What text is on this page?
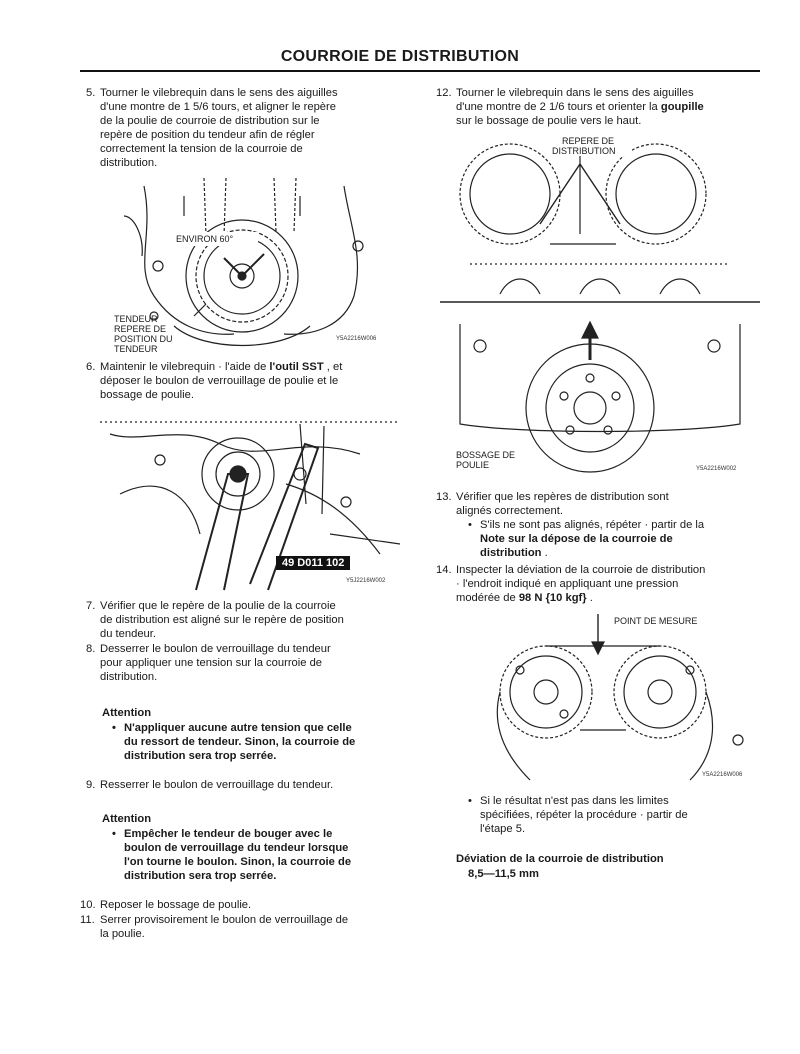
COURROIE DE DISTRIBUTION
5. Tourner le vilebrequin dans le sens des aiguilles
d'une montre de 1 5/6 tours, et aligner le repère
de la poulie de courroie de distribution sur le
repère de position du tendeur afin de régler
correctement la tension de la courroie de
distribution.
ENVIRON 60°
TENDEUR
REPERE DE
POSITION DU
TENDEUR
Y5A2216W006
6. Maintenir le vilebrequin · l'aide de l'outil SST , et
déposer le boulon de verrouillage de poulie et le
bossage de poulie.
49 D011 102
Y5J2216W002
7. Vérifier que le repère de la poulie de la courroie
de distribution est aligné sur le repère de position
du tendeur.
8. Desserrer le boulon de verrouillage du tendeur
pour appliquer une tension sur la courroie de
distribution.
Attention
• N'appliquer aucune autre tension que celle
du ressort de tendeur. Sinon, la courroie de
distribution sera trop serrée.
9. Resserrer le boulon de verrouillage du tendeur.
Attention
• Empêcher le tendeur de bouger avec le
boulon de verrouillage du tendeur lorsque
l'on tourne le boulon. Sinon, la courroie de
distribution sera trop serrée.
10. Reposer le bossage de poulie.
11. Serrer provisoirement le boulon de verrouillage de
la poulie.
12. Tourner le vilebrequin dans le sens des aiguilles
d'une montre de 2 1/6 tours et orienter la goupille
sur le bossage de poulie vers le haut.
REPERE DE
DISTRIBUTION
BOSSAGE DE
POULIE	Y5A2216W002
13. Vérifier que les repères de distribution sont
alignés correctement.
• S'ils ne sont pas alignés, répéter · partir de la
Note sur la dépose de la courroie de
distribution .
14. Inspecter la déviation de la courroie de distribution
· l'endroit indiqué en appliquant une pression
modérée de 98 N {10 kgf} .
POINT DE MESURE
Y5A2216W006
• Si le résultat n'est pas dans les limites
spécifiées, répéter la procédure · partir de
l'étape 5.
Déviation de la courroie de distribution
8,5—11,5 mm
